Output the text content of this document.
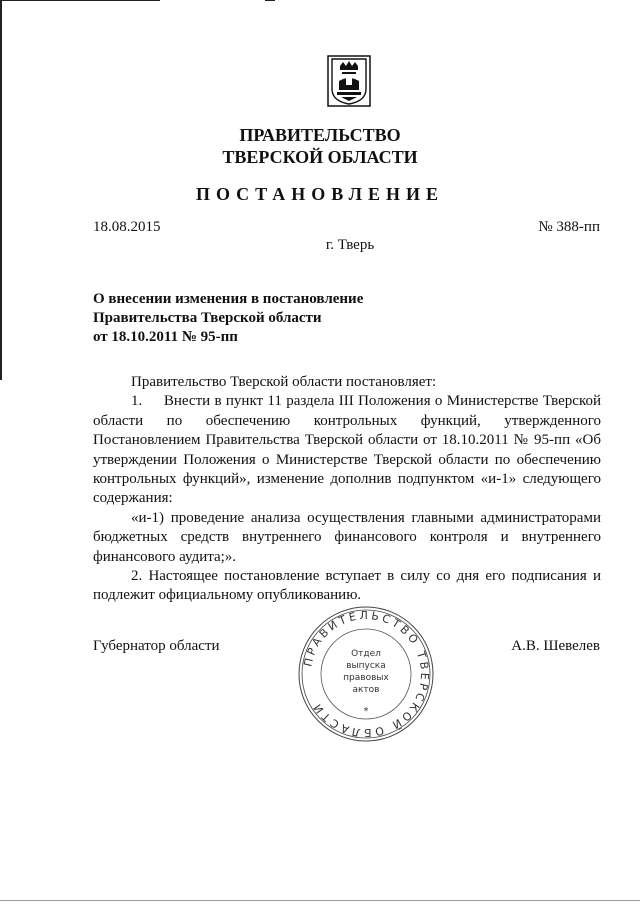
ПРАВИТЕЛЬСТВО
ТВЕРСКОЙ ОБЛАСТИ
ПОСТАНОВЛЕНИЕ
18.08.2015	№ 388-пп
г. Тверь
О внесении изменения в постановление
Правительства Тверской области
от 18.10.2011 № 95-пп

Правительство Тверской области постановляет:

1.     Внести в пункт 11 раздела III Положения о Министерстве Тверской области по обеспечению контрольных функций, утвержденного Постановлением Правительства Тверской области от 18.10.2011 № 95-пп «Об утверждении Положения о Министерстве Тверской области по обеспечению контрольных функций», изменение дополнив подпунктом «и-1» следующего содержания:

«и-1) проведение анализа осуществления главными администраторами бюджетных средств внутреннего финансового контроля и внутреннего финансового аудита;».

2. Настоящее постановление вступает в силу со дня его подписания и подлежит официальному опубликованию.

Губернатор области	А.В. Шевелев
ПРАВИТЕЛЬСТВО ТВЕРСКОЙ ОБЛАСТИ
Отдел
выпуска
правовых
актов
*
